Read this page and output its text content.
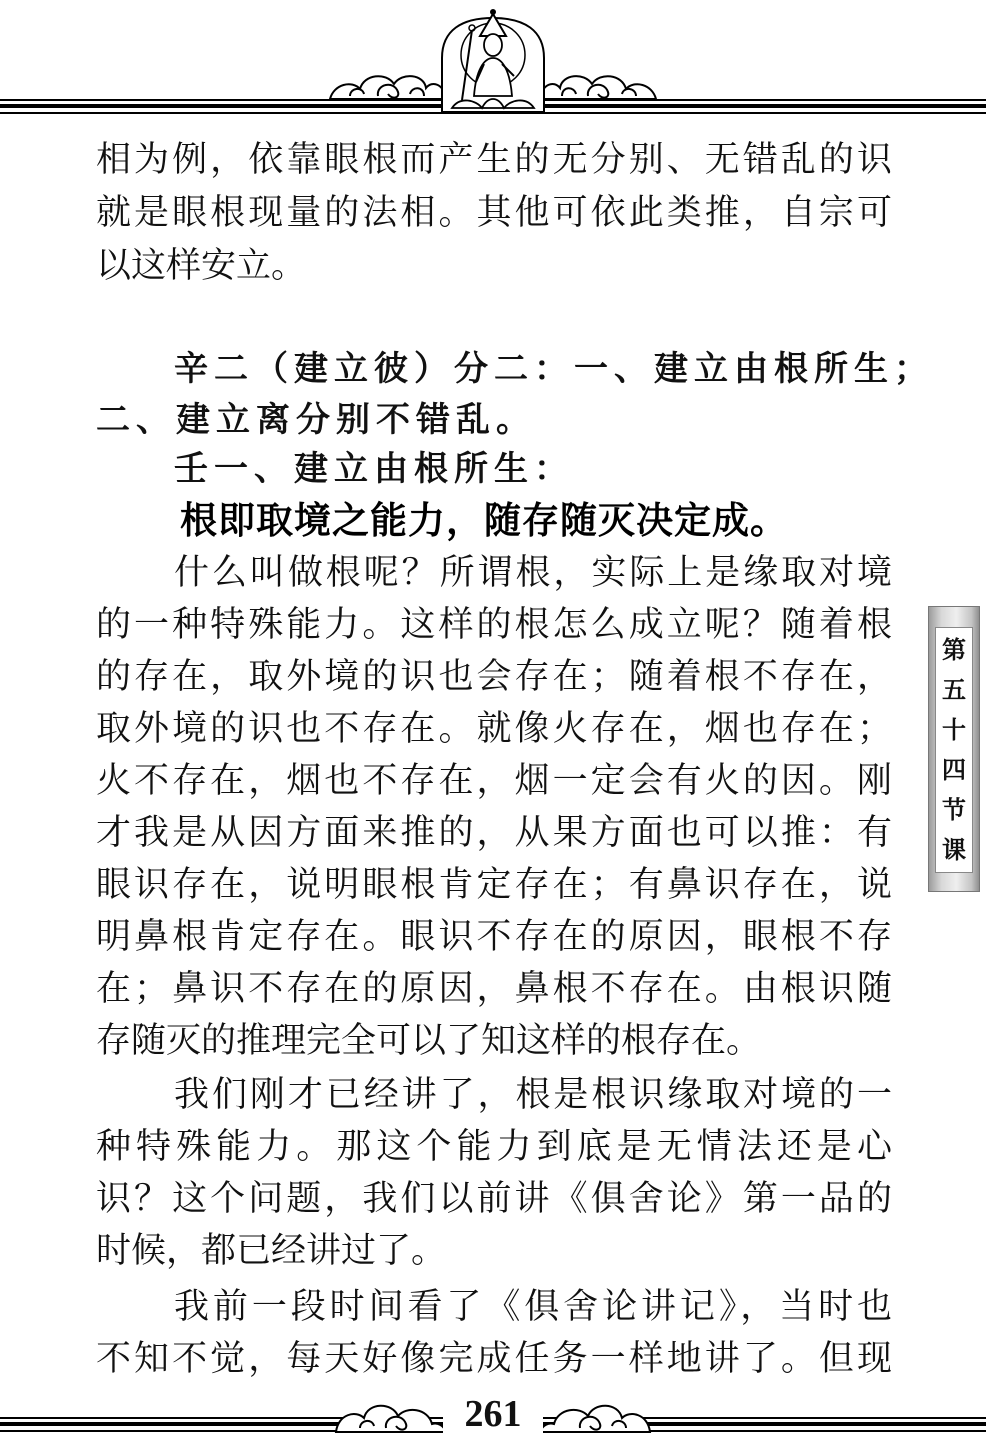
相为例，依靠眼根而产生的无分别、无错乱的识
就是眼根现量的法相。其他可依此类推，自宗可
以这样安立。
辛二（建立彼）分二：一、建立由根所生；
二、建立离分别不错乱。
壬一、建立由根所生：
根即取境之能力，随存随灭决定成。
什么叫做根呢？所谓根，实际上是缘取对境
的一种特殊能力。这样的根怎么成立呢？随着根
的存在，取外境的识也会存在；随着根不存在，
取外境的识也不存在。就像火存在，烟也存在；
火不存在，烟也不存在，烟一定会有火的因。刚
才我是从因方面来推的，从果方面也可以推：有
眼识存在，说明眼根肯定存在；有鼻识存在，说
明鼻根肯定存在。眼识不存在的原因，眼根不存
在；鼻识不存在的原因，鼻根不存在。由根识随
存随灭的推理完全可以了知这样的根存在。
我们刚才已经讲了，根是根识缘取对境的一
种特殊能力。那这个能力到底是无情法还是心
识？这个问题，我们以前讲《俱舍论》第一品的
时候，都已经讲过了。
我前一段时间看了《俱舍论讲记》，当时也
不知不觉，每天好像完成任务一样地讲了。但现
第
五
十
四
节
课
261
